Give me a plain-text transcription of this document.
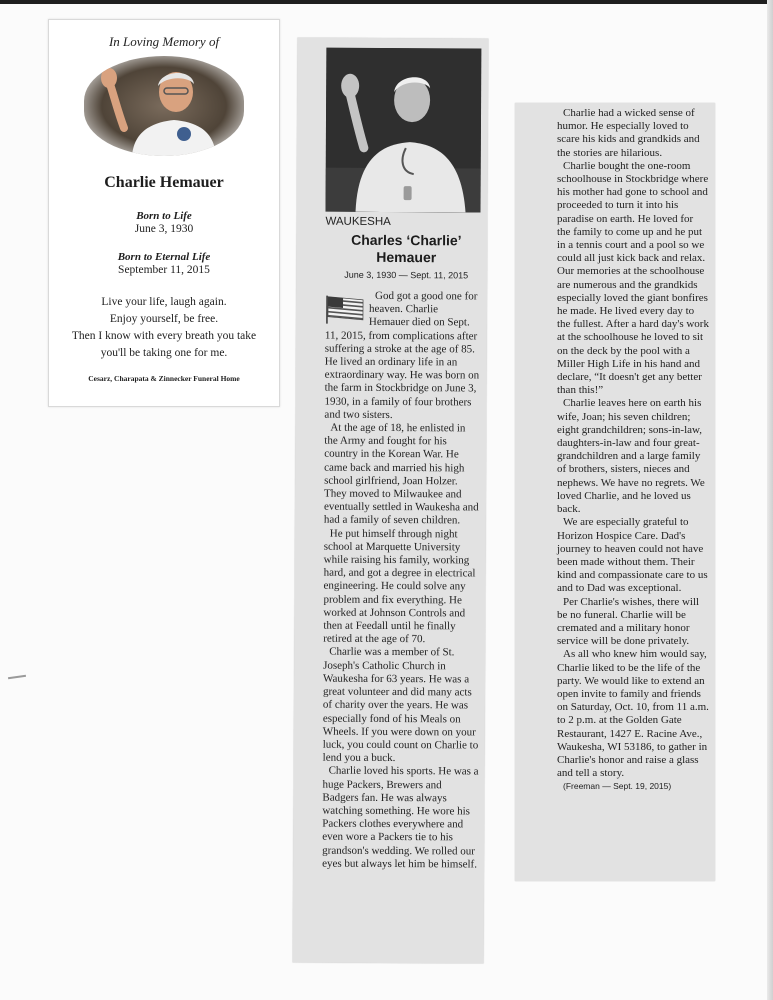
In Loving Memory of
Charlie Hemauer
Born to Life
June 3, 1930
Born to Eternal Life
September 11, 2015
Live your life, laugh again.
Enjoy yourself, be free.
Then I know with every breath you take
you'll be taking one for me.
Cesarz, Charapata & Zinnecker Funeral Home
WAUKESHA
Charles ‘Charlie’
Hemauer
June 3, 1930 — Sept. 11, 2015

God got a good one for heaven. Charlie Hemauer died on Sept. 11, 2015, from complications after suffering a stroke at the age of 85. He lived an ordinary life in an extraordinary way. He was born on the farm in Stockbridge on June 3, 1930, in a family of four brothers and two sisters.

At the age of 18, he enlisted in the Army and fought for his country in the Korean War. He came back and married his high school girlfriend, Joan Holzer. They moved to Milwaukee and eventually settled in Waukesha and had a family of seven children.

He put himself through night school at Marquette University while raising his family, working hard, and got a degree in electrical engineering. He could solve any problem and fix everything. He worked at Johnson Controls and then at Feedall until he finally retired at the age of 70.

Charlie was a member of St. Joseph's Catholic Church in Waukesha for 63 years. He was a great volunteer and did many acts of charity over the years. He was especially fond of his Meals on Wheels. If you were down on your luck, you could count on Charlie to lend you a buck.

Charlie loved his sports. He was a huge Packers, Brewers and Badgers fan. He was always watching something. He wore his Packers clothes everywhere and even wore a Packers tie to his grandson's wedding. We rolled our eyes but always let him be himself.

Charlie had a wicked sense of humor. He especially loved to scare his kids and grandkids and the stories are hilarious.

Charlie bought the one-room schoolhouse in Stockbridge where his mother had gone to school and proceeded to turn it into his paradise on earth. He loved for the family to come up and he put in a tennis court and a pool so we could all just kick back and relax. Our memories at the schoolhouse are numerous and the grandkids especially loved the giant bonfires he made. He lived every day to the fullest. After a hard day's work at the schoolhouse he loved to sit on the deck by the pool with a Miller High Life in his hand and declare, “It doesn't get any better than this!”

Charlie leaves here on earth his wife, Joan; his seven children; eight grandchildren; sons-in-law, daughters-in-law and four great-grandchildren and a large family of brothers, sisters, nieces and nephews. We have no regrets. We loved Charlie, and he loved us back.

We are especially grateful to Horizon Hospice Care. Dad's journey to heaven could not have been made without them. Their kind and compassionate care to us and to Dad was exceptional.

Per Charlie's wishes, there will be no funeral. Charlie will be cremated and a military honor service will be done privately.

As all who knew him would say, Charlie liked to be the life of the party. We would like to extend an open invite to family and friends on Saturday, Oct. 10, from 11 a.m. to 2 p.m. at the Golden Gate Restaurant, 1427 E. Racine Ave., Waukesha, WI 53186, to gather in Charlie's honor and raise a glass and tell a story.

(Freeman — Sept. 19, 2015)
